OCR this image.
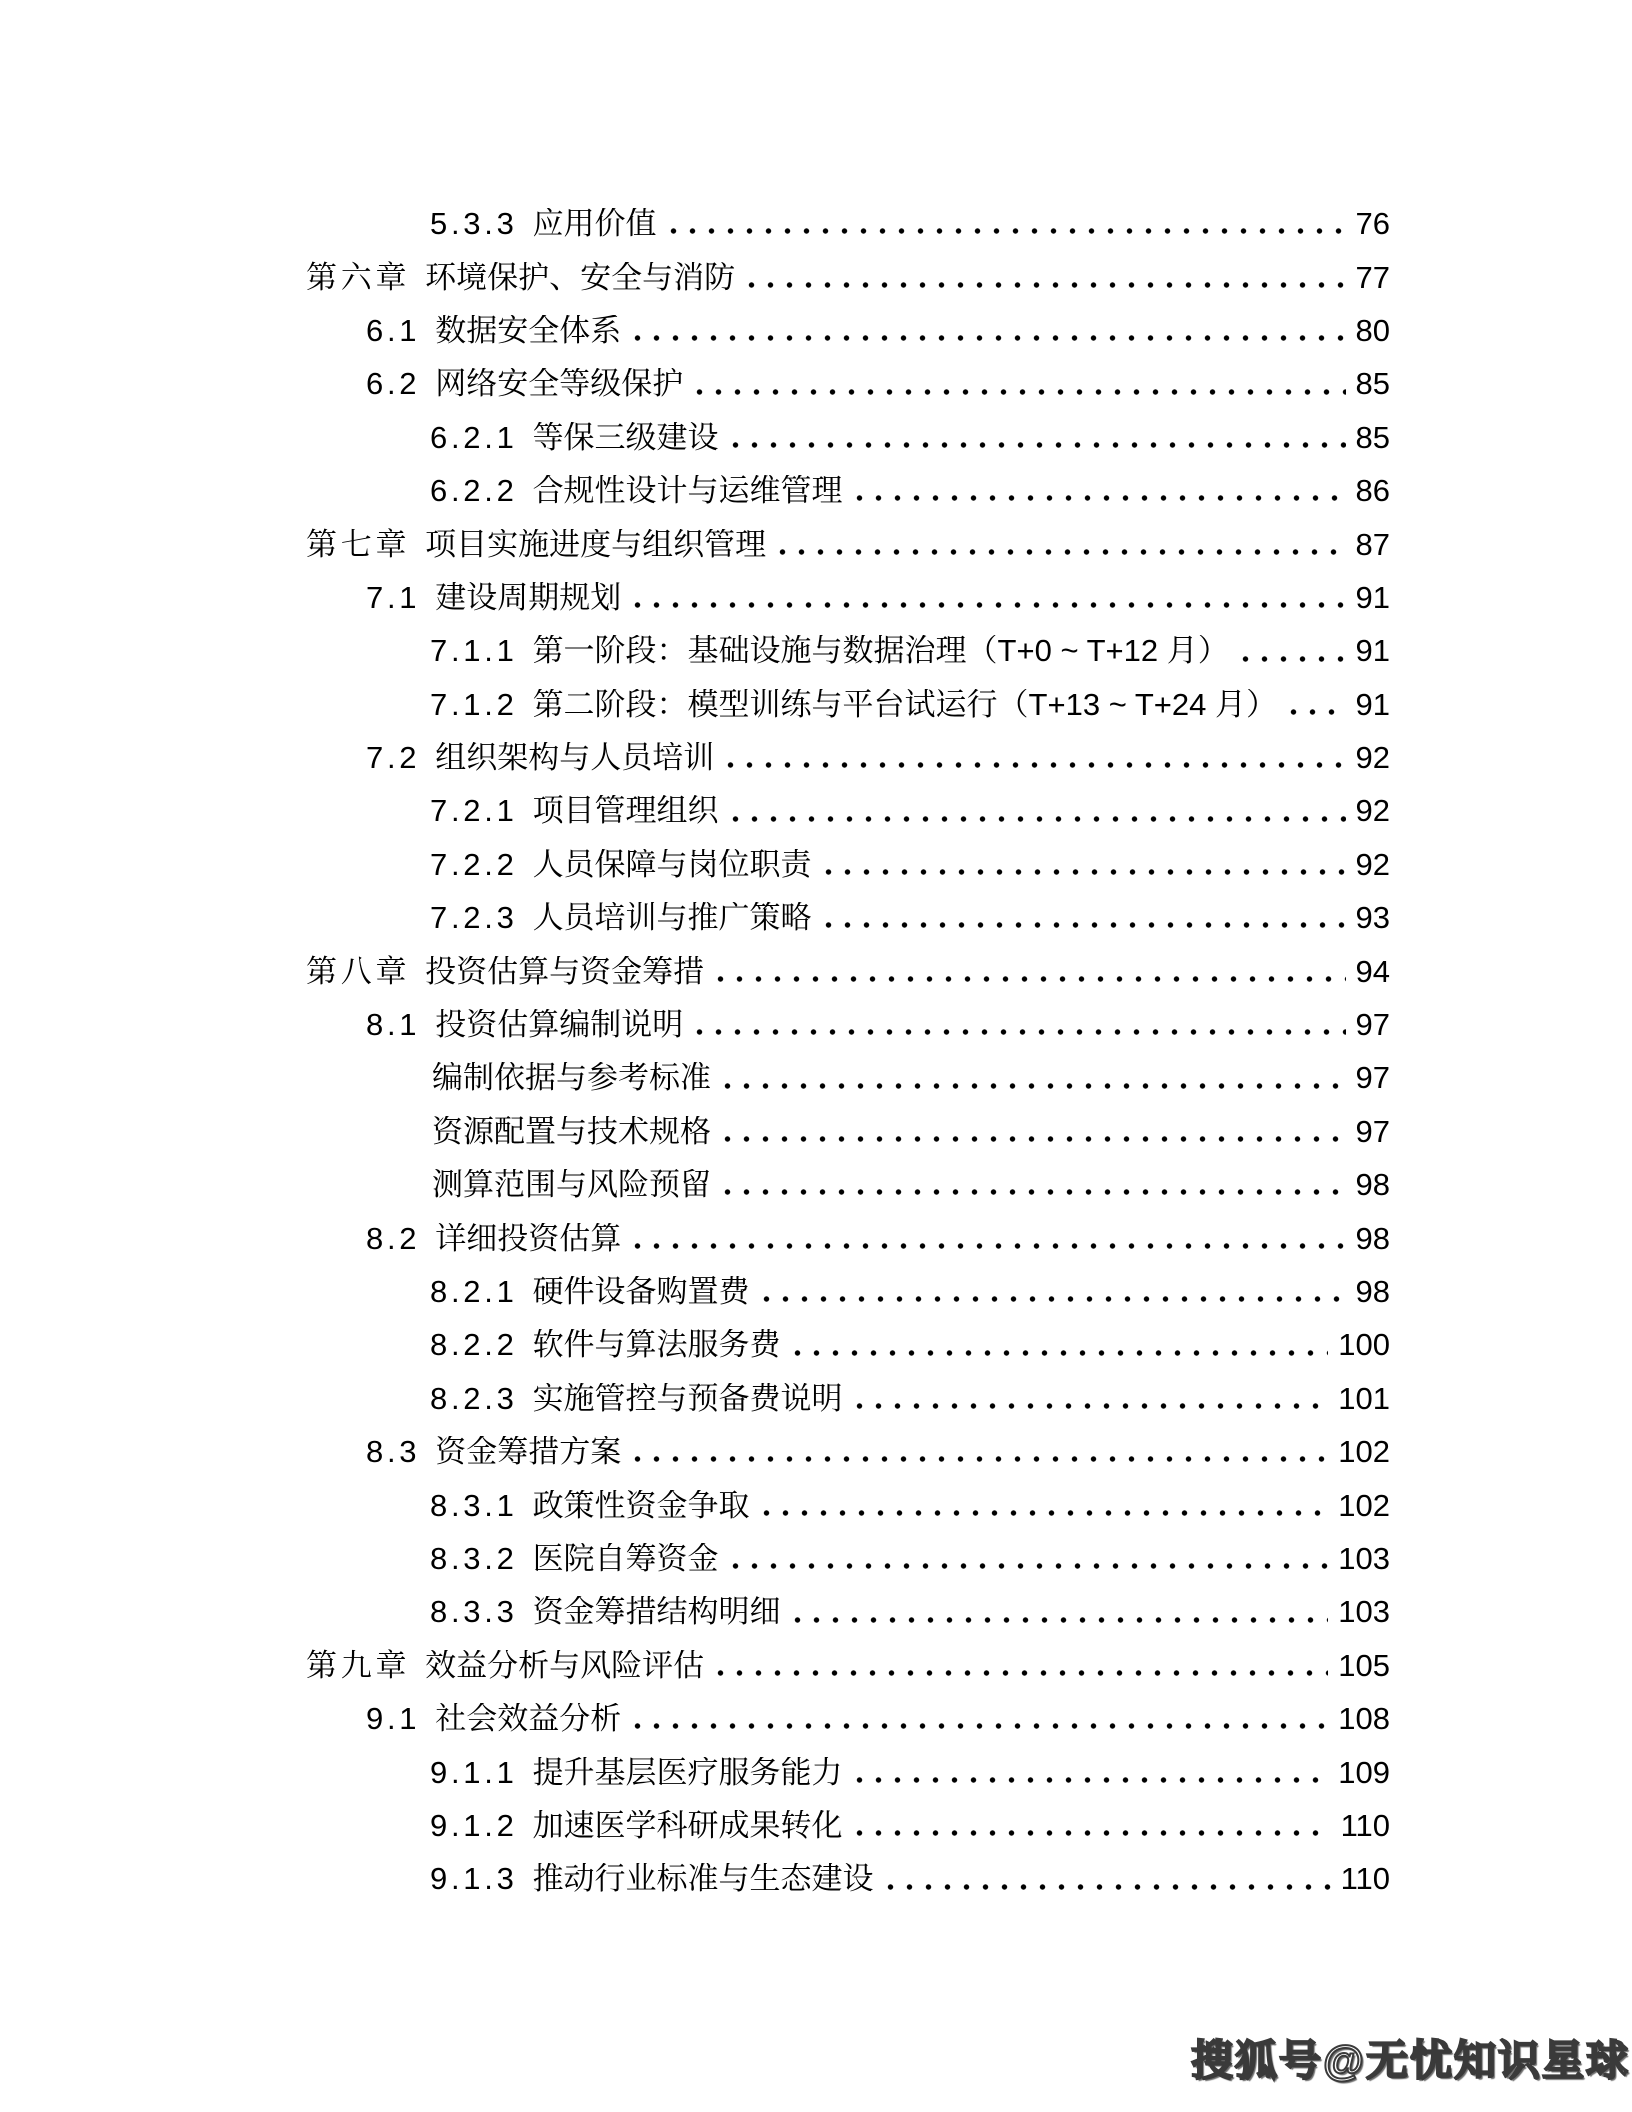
5.3.3 应用价值	76
第六章 环境保护、安全与消防	77
6.1 数据安全体系	80
6.2 网络安全等级保护	85
6.2.1 等保三级建设	85
6.2.2 合规性设计与运维管理	86
第七章 项目实施进度与组织管理	87
7.1 建设周期规划	91
7.1.1 第一阶段：基础设施与数据治理（T+0 ~ T+12 月）	91
7.1.2 第二阶段：模型训练与平台试运行（T+13 ~ T+24 月）	91
7.2 组织架构与人员培训	92
7.2.1 项目管理组织	92
7.2.2 人员保障与岗位职责	92
7.2.3 人员培训与推广策略	93
第八章 投资估算与资金筹措	94
8.1 投资估算编制说明	97
编制依据与参考标准	97
资源配置与技术规格	97
测算范围与风险预留	98
8.2 详细投资估算	98
8.2.1 硬件设备购置费	98
8.2.2 软件与算法服务费	100
8.2.3 实施管控与预备费说明	101
8.3 资金筹措方案	102
8.3.1 政策性资金争取	102
8.3.2 医院自筹资金	103
8.3.3 资金筹措结构明细	103
第九章 效益分析与风险评估	105
9.1 社会效益分析	108
9.1.1 提升基层医疗服务能力	109
9.1.2 加速医学科研成果转化	110
9.1.3 推动行业标准与生态建设	110
搜狐号@无忧知识星球
